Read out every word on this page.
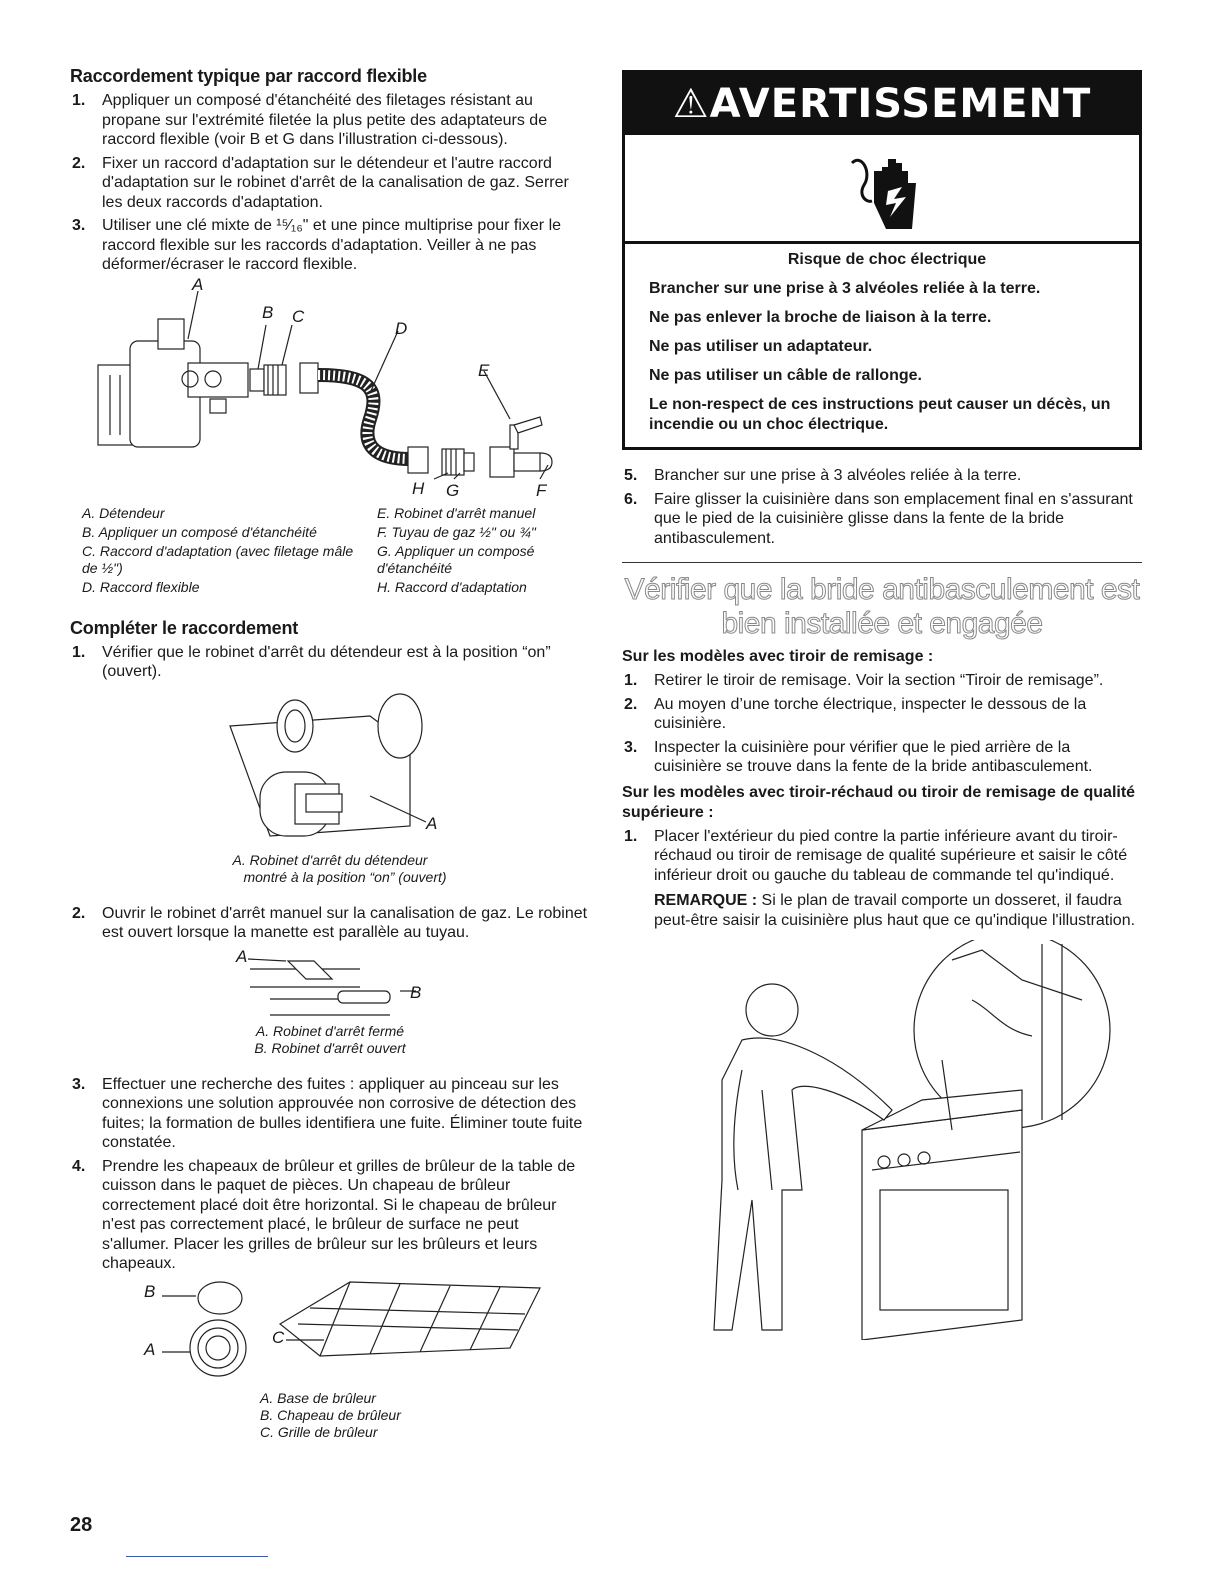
Raccordement typique par raccord flexible
1. Appliquer un composé d'étanchéité des filetages résistant au propane sur l'extrémité filetée la plus petite des adaptateurs de raccord flexible (voir B et G dans l'illustration ci-dessous).
2. Fixer un raccord d'adaptation sur le détendeur et l'autre raccord d'adaptation sur le robinet d'arrêt de la canalisation de gaz. Serrer les deux raccords d'adaptation.
3. Utiliser une clé mixte de ¹⁵⁄₁₆" et une pince multiprise pour fixer le raccord flexible sur les raccords d'adaptation. Veiller à ne pas déformer/écraser le raccord flexible.
A
B C
D
E
H G	F
A. Détendeur	E. Robinet d'arrêt manuel
B. Appliquer un composé d'étanchéité	F. Tuyau de gaz ½" ou ¾"
C. Raccord d'adaptation (avec filetage mâle de ½")
G. Appliquer un composé d'étanchéité
D. Raccord flexible	H. Raccord d'adaptation
Compléter le raccordement
1. Vérifier que le robinet d'arrêt du détendeur est à la position “on” (ouvert).
A
A. Robinet d'arrêt du détendeur
montré à la position “on” (ouvert)
2. Ouvrir le robinet d'arrêt manuel sur la canalisation de gaz. Le robinet est ouvert lorsque la manette est parallèle au tuyau.
A
B
A. Robinet d'arrêt fermé
B. Robinet d'arrêt ouvert
3. Effectuer une recherche des fuites : appliquer au pinceau sur les connexions une solution approuvée non corrosive de détection des fuites; la formation de bulles identifiera une fuite. Éliminer toute fuite constatée.
4. Prendre les chapeaux de brûleur et grilles de brûleur de la table de cuisson dans le paquet de pièces. Un chapeau de brûleur correctement placé doit être horizontal. Si le chapeau de brûleur n'est pas correctement placé, le brûleur de surface ne peut s'allumer. Placer les grilles de brûleur sur les brûleurs et leurs chapeaux.
B
A
C
A. Base de brûleur
B. Chapeau de brûleur
C. Grille de brûleur
⚠AVERTISSEMENT

Risque de choc électrique

Brancher sur une prise à 3 alvéoles reliée à la terre.

Ne pas enlever la broche de liaison à la terre.

Ne pas utiliser un adaptateur.

Ne pas utiliser un câble de rallonge.

Le non-respect de ces instructions peut causer un décès, un incendie ou un choc électrique.

5. Brancher sur une prise à 3 alvéoles reliée à la terre.
6. Faire glisser la cuisinière dans son emplacement final en s'assurant que le pied de la cuisinière glisse dans la fente de la bride antibasculement.
Vérifier que la bride antibasculement est
bien installée et engagée
Sur les modèles avec tiroir de remisage :
1. Retirer le tiroir de remisage. Voir la section “Tiroir de remisage”.
2. Au moyen d’une torche électrique, inspecter le dessous de la cuisinière.
3. Inspecter la cuisinière pour vérifier que le pied arrière de la cuisinière se trouve dans la fente de la bride antibasculement.
Sur les modèles avec tiroir-réchaud ou tiroir de remisage de qualité supérieure :
1. Placer l'extérieur du pied contre la partie inférieure avant du tiroir-réchaud ou tiroir de remisage de qualité supérieure et saisir le côté inférieur droit ou gauche du tableau de commande tel qu'indiqué.
REMARQUE : Si le plan de travail comporte un dosseret, il faudra peut-être saisir la cuisinière plus haut que ce qu'indique l'illustration.
28
